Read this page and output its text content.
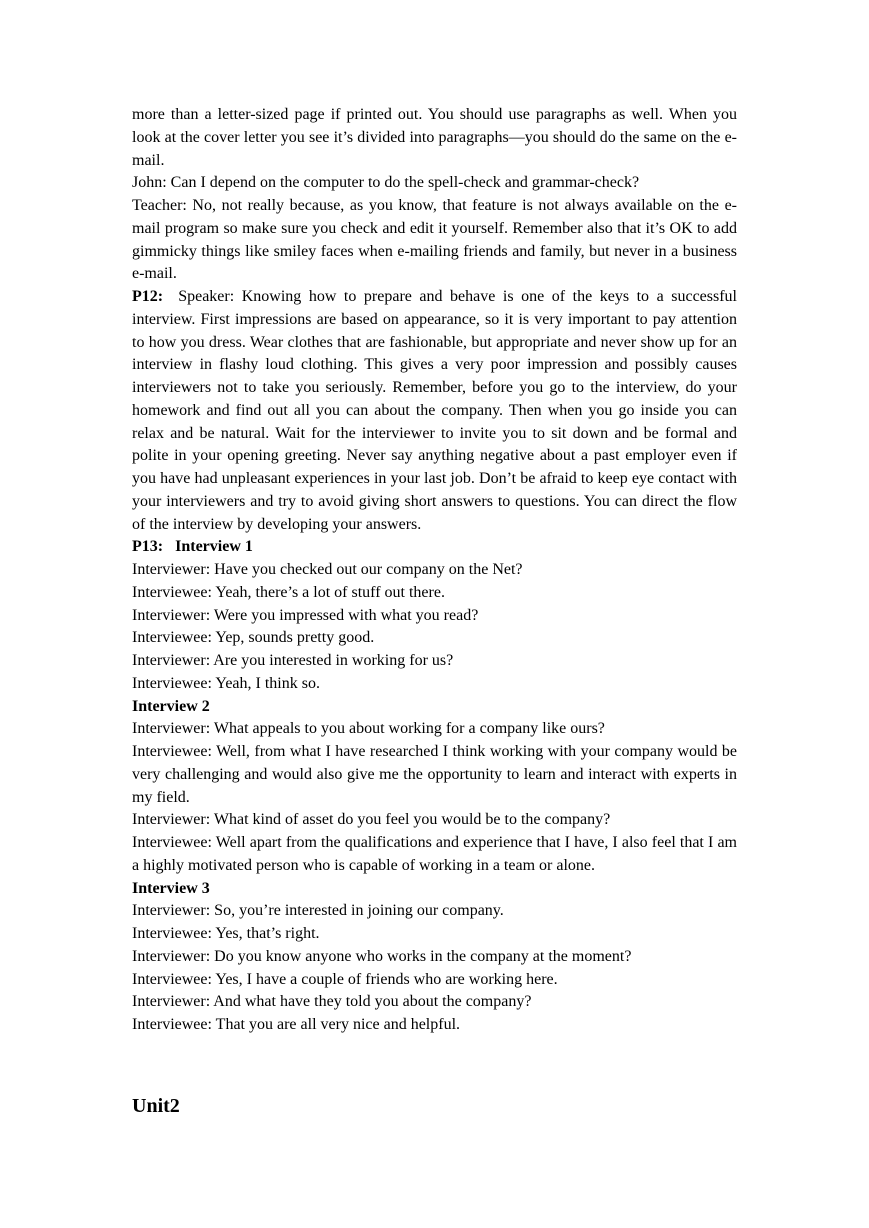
more than a letter-sized page if printed out. You should use paragraphs as well. When you look at the cover letter you see it’s divided into paragraphs—you should do the same on the e-mail.

John: Can I depend on the computer to do the spell-check and grammar-check?

Teacher: No, not really because, as you know, that feature is not always available on the e-mail program so make sure you check and edit it yourself. Remember also that it’s OK to add gimmicky things like smiley faces when e-mailing friends and family, but never in a business e-mail.

P12: Speaker: Knowing how to prepare and behave is one of the keys to a successful interview. First impressions are based on appearance, so it is very important to pay attention to how you dress. Wear clothes that are fashionable, but appropriate and never show up for an interview in flashy loud clothing. This gives a very poor impression and possibly causes interviewers not to take you seriously. Remember, before you go to the interview, do your homework and find out all you can about the company. Then when you go inside you can relax and be natural. Wait for the interviewer to invite you to sit down and be formal and polite in your opening greeting. Never say anything negative about a past employer even if you have had unpleasant experiences in your last job. Don’t be afraid to keep eye contact with your interviewers and try to avoid giving short answers to questions. You can direct the flow of the interview by developing your answers.

P13: Interview 1

Interviewer: Have you checked out our company on the Net?

Interviewee: Yeah, there’s a lot of stuff out there.

Interviewer: Were you impressed with what you read?

Interviewee: Yep, sounds pretty good.

Interviewer: Are you interested in working for us?

Interviewee: Yeah, I think so.

Interview 2

Interviewer: What appeals to you about working for a company like ours?

Interviewee: Well, from what I have researched I think working with your company would be very challenging and would also give me the opportunity to learn and interact with experts in my field.

Interviewer: What kind of asset do you feel you would be to the company?

Interviewee: Well apart from the qualifications and experience that I have, I also feel that I am a highly motivated person who is capable of working in a team or alone.

Interview 3

Interviewer: So, you’re interested in joining our company.

Interviewee: Yes, that’s right.

Interviewer: Do you know anyone who works in the company at the moment?

Interviewee: Yes, I have a couple of friends who are working here.

Interviewer: And what have they told you about the company?

Interviewee: That you are all very nice and helpful.

Unit2
